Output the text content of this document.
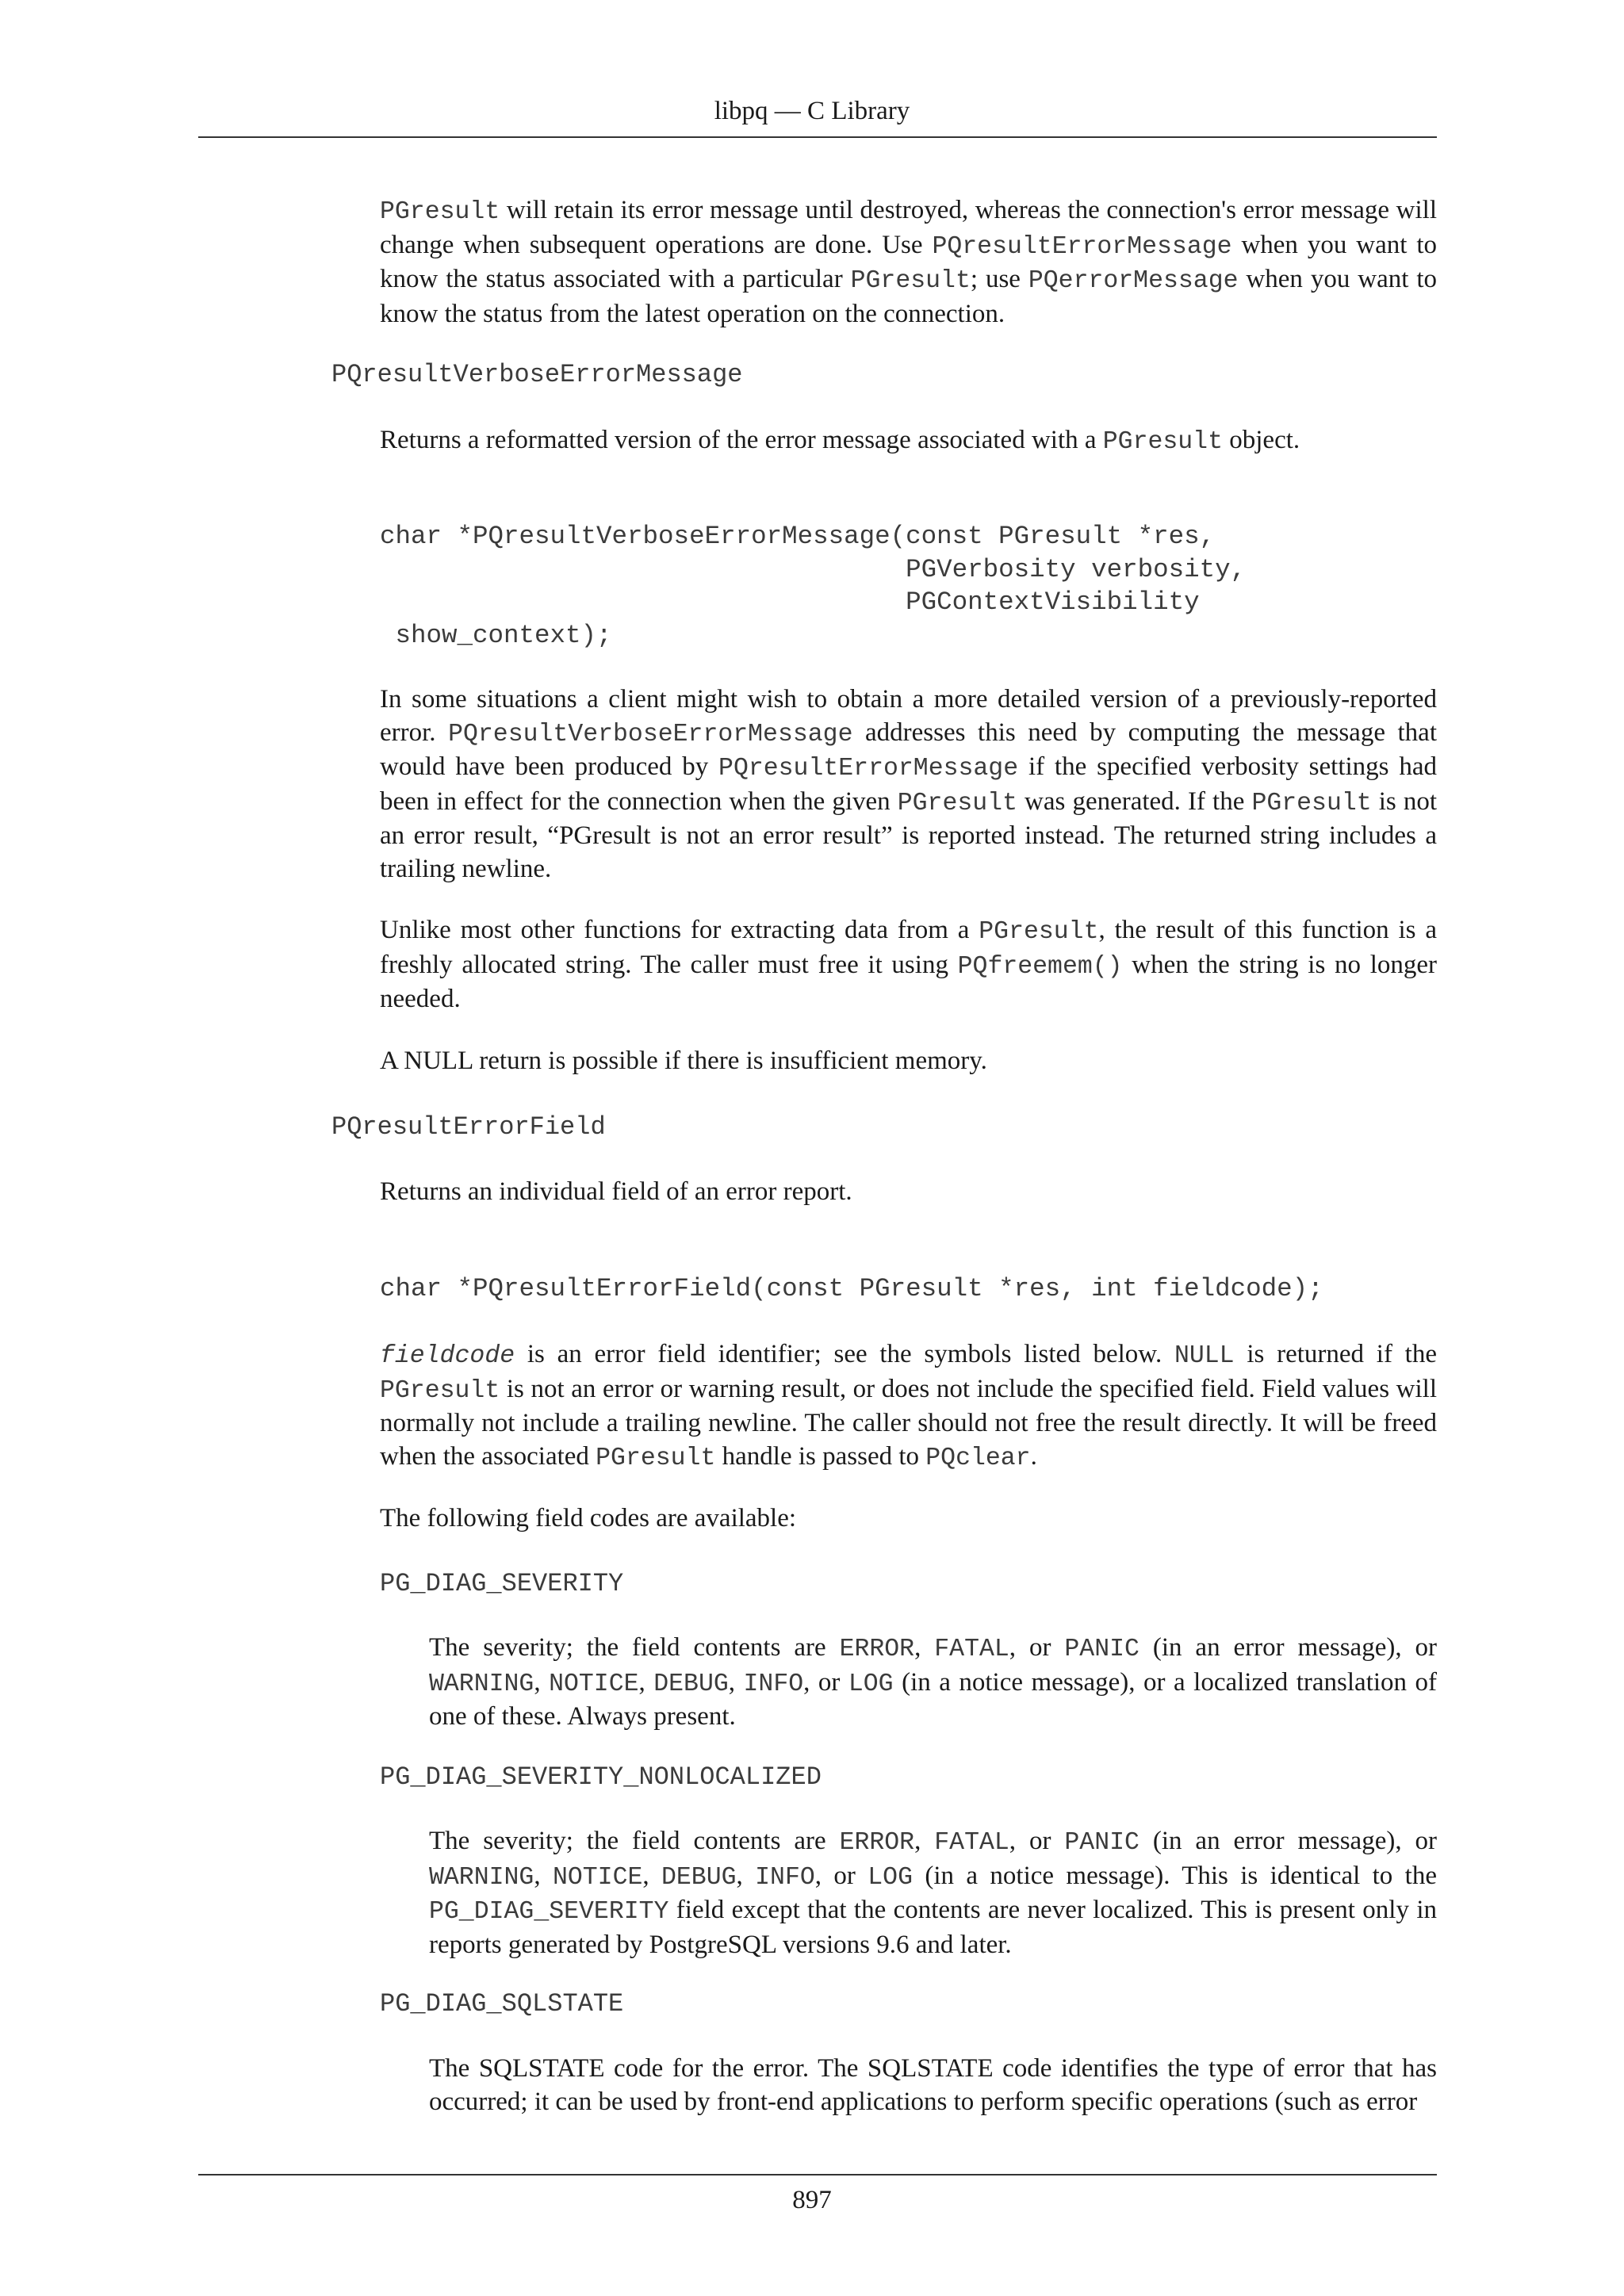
libpq — C Library

PGresult will retain its error message until destroyed, whereas the connection's error message will change when subsequent operations are done. Use PQresultErrorMessage when you want to know the status associated with a particular PGresult; use PQerrorMessage when you want to know the status from the latest operation on the connection.

PQresultVerboseErrorMessage

Returns a reformatted version of the error message associated with a PGresult object.

char *PQresultVerboseErrorMessage(const PGresult *res,
PGVerbosity verbosity,
PGContextVisibility
show_context);

In some situations a client might wish to obtain a more detailed version of a previously-reported error. PQresultVerboseErrorMessage addresses this need by computing the message that would have been produced by PQresultErrorMessage if the specified verbosity settings had been in effect for the connection when the given PGresult was generated. If the PGresult is not an error result, “PGresult is not an error result” is reported instead. The returned string includes a trailing newline.

Unlike most other functions for extracting data from a PGresult, the result of this function is a freshly allocated string. The caller must free it using PQfreemem() when the string is no longer needed.

A NULL return is possible if there is insufficient memory.

PQresultErrorField

Returns an individual field of an error report.

char *PQresultErrorField(const PGresult *res, int fieldcode);

fieldcode is an error field identifier; see the symbols listed below. NULL is returned if the PGresult is not an error or warning result, or does not include the specified field. Field values will normally not include a trailing newline. The caller should not free the result directly. It will be freed when the associated PGresult handle is passed to PQclear.

The following field codes are available:

PG_DIAG_SEVERITY

The severity; the field contents are ERROR, FATAL, or PANIC (in an error message), or WARNING, NOTICE, DEBUG, INFO, or LOG (in a notice message), or a localized translation of one of these. Always present.

PG_DIAG_SEVERITY_NONLOCALIZED

The severity; the field contents are ERROR, FATAL, or PANIC (in an error message), or WARNING, NOTICE, DEBUG, INFO, or LOG (in a notice message). This is identical to the PG_DIAG_SEVERITY field except that the contents are never localized. This is present only in reports generated by PostgreSQL versions 9.6 and later.

PG_DIAG_SQLSTATE

The SQLSTATE code for the error. The SQLSTATE code identifies the type of error that has occurred; it can be used by front-end applications to perform specific operations (such as error

897
